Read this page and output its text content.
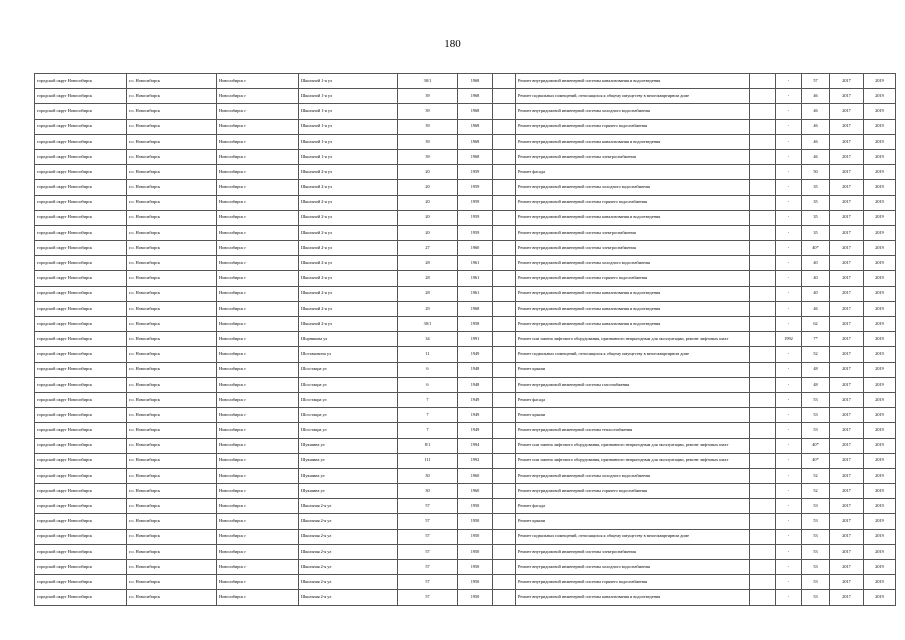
180
городской округ Новосибирск	г.о. Новосибирск	Новосибирск г	Школьной 1-я ул	30/1	1968		Ремонт внутридомовой инженерной системы канализования и водоотведения		-	57	2017	2019
городской округ Новосибирск	г.о. Новосибирск	Новосибирск г	Школьной 1-я ул	39	1968		Ремонт подвальных помещений, относящихся к общему имуществу в многоквартирном доме		-	46	2017	2019
городской округ Новосибирск	г.о. Новосибирск	Новосибирск г	Школьной 1-я ул	39	1968		Ремонт внутридомовой инженерной системы холодного водоснабжения		-	46	2017	2019
городской округ Новосибирск	г.о. Новосибирск	Новосибирск г	Школьной 1-я ул	39	1968		Ремонт внутридомовой инженерной системы горячего водоснабжения		-	46	2017	2019
городской округ Новосибирск	г.о. Новосибирск	Новосибирск г	Школьной 1-я ул	39	1968		Ремонт внутридомовой инженерной системы канализования и водоотведения		-	46	2017	2019
городской округ Новосибирск	г.о. Новосибирск	Новосибирск г	Школьной 1-я ул	39	1968		Ремонт внутридомовой инженерной системы электроснабжения		-	46	2017	2019
городской округ Новосибирск	г.о. Новосибирск	Новосибирск г	Школьной 2-я ул	20	1959		Ремонт фасада		-	50	2017	2019
городской округ Новосибирск	г.о. Новосибирск	Новосибирск г	Школьной 2-я ул	20	1959		Ремонт внутридомовой инженерной системы холодного водоснабжения		-	35	2017	2019
городской округ Новосибирск	г.о. Новосибирск	Новосибирск г	Школьной 2-я ул	20	1959		Ремонт внутридомовой инженерной системы горячего водоснабжения		-	35	2017	2019
городской округ Новосибирск	г.о. Новосибирск	Новосибирск г	Школьной 2-я ул	20	1959		Ремонт внутридомовой инженерной системы канализования и водоотведения		-	35	2017	2019
городской округ Новосибирск	г.о. Новосибирск	Новосибирск г	Школьной 2-я ул	20	1959		Ремонт внутридомовой инженерной системы электроснабжения		-	35	2017	2019
городской округ Новосибирск	г.о. Новосибирск	Новосибирск г	Школьной 2-я ул	27	1960		Ремонт внутридомовой инженерной системы электроснабжения		-	40*	2017	2019
городской округ Новосибирск	г.о. Новосибирск	Новосибирск г	Школьной 2-я ул	28	1961		Ремонт внутридомовой инженерной системы холодного водоснабжения		-	40	2017	2019
городской округ Новосибирск	г.о. Новосибирск	Новосибирск г	Школьной 2-я ул	28	1961		Ремонт внутридомовой инженерной системы горячего водоснабжения		-	40	2017	2019
городской округ Новосибирск	г.о. Новосибирск	Новосибирск г	Школьной 2-я ул	28	1961		Ремонт внутридомовой инженерной системы канализования и водоотведения		-	40	2017	2019
городской округ Новосибирск	г.о. Новосибирск	Новосибирск г	Школьной 2-я ул	29	1968		Ремонт внутридомовой инженерной системы канализования и водоотведения		-	46	2017	2019
городской округ Новосибирск	г.о. Новосибирск	Новосибирск г	Школьной 2-я ул	30/1	1958		Ремонт внутридомовой инженерной системы канализования и водоотведения		-	62	2017	2019
городской округ Новосибирск	г.о. Новосибирск	Новосибирск г	Шорникова ул	34	1991		Ремонт или замена лифтового оборудования, признанного непригодным для эксплуатации, ремонт лифтовых шахт		1992	7*	2017	2019
городской округ Новосибирск	г.о. Новосибирск	Новосибирск г	Шостаковича ул	11	1949		Ремонт подвальных помещений, относящихся к общему имуществу в многоквартирном доме		-	52	2017	2019
городской округ Новосибирск	г.о. Новосибирск	Новосибирск г	Шосстакра ул	6	1948		Ремонт крыши		-	48	2017	2019
городской округ Новосибирск	г.о. Новосибирск	Новосибирск г	Шосстакра ул	6	1948		Ремонт внутридомовой инженерной системы газоснабжения		-	48	2017	2019
городской округ Новосибирск	г.о. Новосибирск	Новосибирск г	Шосстакра ул	7	1949		Ремонт фасада		-	53	2017	2019
городской округ Новосибирск	г.о. Новосибирск	Новосибирск г	Шосстакра ул	7	1949		Ремонт крыши		-	53	2017	2019
городской округ Новосибирск	г.о. Новосибирск	Новосибирск г	Шосстакра ул	7	1949		Ремонт внутридомовой инженерной системы теплоснабжения		-	53	2017	2019
городской округ Новосибирск	г.о. Новосибирск	Новосибирск г	Шукшина ул	8/1	1994		Ремонт или замена лифтового оборудования, признанного непригодным для эксплуатации, ремонт лифтовых шахт		-	40*	2017	2019
городской округ Новосибирск	г.о. Новосибирск	Новосибирск г	Шукшина ул	111	1992		Ремонт или замена лифтового оборудования, признанного непригодным для эксплуатации, ремонт лифтовых шахт		-	40*	2017	2019
городской округ Новосибирск	г.о. Новосибирск	Новосибирск г	Шукшина ул	30	1960		Ремонт внутридомовой инженерной системы холодного водоснабжения		-	52	2017	2019
городской округ Новосибирск	г.о. Новосибирск	Новосибирск г	Шукшина ул	30	1960		Ремонт внутридомовой инженерной системы горячего водоснабжения		-	52	2017	2019
городской округ Новосибирск	г.о. Новосибирск	Новосибирск г	Школьная 2-я ул	57	1950		Ремонт фасада		-	53	2017	2019
городской округ Новосибирск	г.о. Новосибирск	Новосибирск г	Школьная 2-я ул	57	1950		Ремонт крыши		-	53	2017	2019
городской округ Новосибирск	г.о. Новосибирск	Новосибирск г	Школьная 2-я ул	57	1950		Ремонт подвальных помещений, относящихся к общему имуществу в многоквартирном доме		-	53	2017	2019
городской округ Новосибирск	г.о. Новосибирск	Новосибирск г	Школьная 2-я ул	57	1950		Ремонт внутридомовой инженерной системы электроснабжения		-	53	2017	2019
городской округ Новосибирск	г.о. Новосибирск	Новосибирск г	Школьная 2-я ул	57	1950		Ремонт внутридомовой инженерной системы холодного водоснабжения		-	53	2017	2019
городской округ Новосибирск	г.о. Новосибирск	Новосибирск г	Школьная 2-я ул	57	1950		Ремонт внутридомовой инженерной системы горячего водоснабжения		-	53	2017	2019
городской округ Новосибирск	г.о. Новосибирск	Новосибирск г	Школьная 2-я ул	57	1950		Ремонт внутридомовой инженерной системы канализования и водоотведения		-	53	2017	2019
